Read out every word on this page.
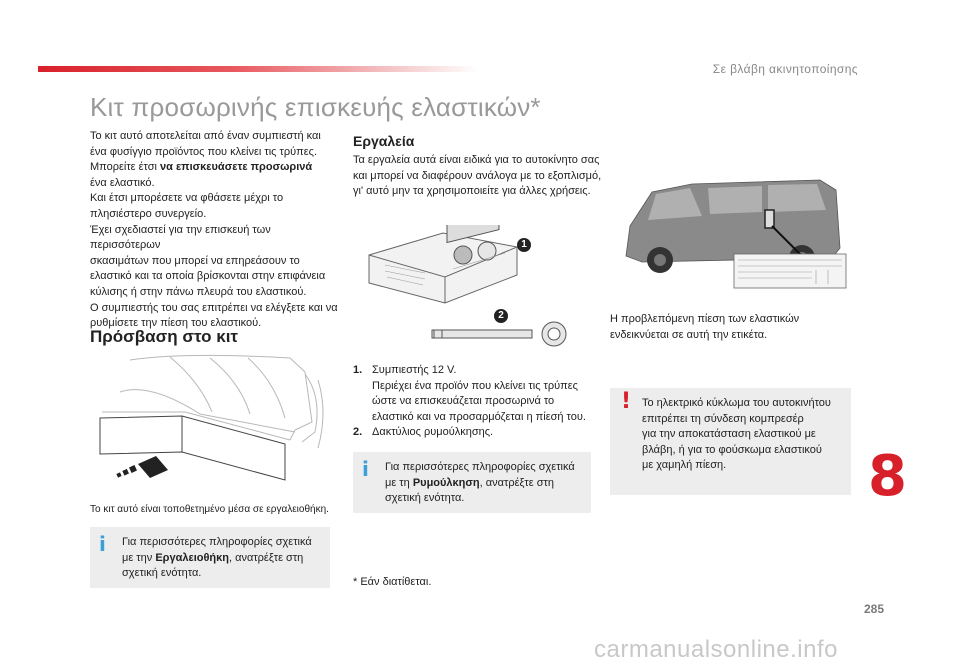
Σε βλάβη ακινητοποίησης
Κιτ προσωρινής επισκευής ελαστικών*

Το κιτ αυτό αποτελείται από έναν συμπιεστή και

ένα φυσίγγιο προϊόντος που κλείνει τις τρύπες.

Μπορείτε έτσι να επισκευάσετε προσωρινά

ένα ελαστικό.

Και έτσι μπορέσετε να φθάσετε μέχρι το

πλησιέστερο συνεργείο.

Έχει σχεδιαστεί για την επισκευή των περισσότερων

σκασιμάτων που μπορεί να επηρεάσουν το

ελαστικό και τα οποία βρίσκονται στην επιφάνεια

κύλισης ή στην πάνω πλευρά του ελαστικού.

Ο συμπιεστής του σας επιτρέπει να ελέγξετε και να

ρυθμίσετε την πίεση του ελαστικού.

Πρόσβαση στο κιτ
Το κιτ αυτό είναι τοποθετημένο μέσα σε εργαλειοθήκη.
i Για περισσότερες πληροφορίες σχετικά
με την Εργαλειοθήκη, ανατρέξτε στη
σχετική ενότητα.
Εργαλεία

Τα εργαλεία αυτά είναι ειδικά για το αυτοκίνητο σας

και μπορεί να διαφέρουν ανάλογα με το εξοπλισμό,

γι' αυτό μην τα χρησιμοποιείτε για άλλες χρήσεις.

1
2
1. Συμπιεστής 12 V.
Περιέχει ένα προϊόν που κλείνει τις τρύπες
ώστε να επισκευάζεται προσωρινά το
ελαστικό και να προσαρμόζεται η πίεσή του.
2. Δακτύλιος ρυμούλκησης.
i Για περισσότερες πληροφορίες σχετικά
με τη Ρυμούλκηση, ανατρέξτε στη
σχετική ενότητα.
* Εάν διατίθεται.

Η προβλεπόμενη πίεση των ελαστικών

ενδεικνύεται σε αυτή την ετικέτα.

! Το ηλεκτρικό κύκλωμα του αυτοκινήτου
επιτρέπει τη σύνδεση κομπρεσέρ
για την αποκατάσταση ελαστικού με
βλάβη, ή για το φούσκωμα ελαστικού
με χαμηλή πίεση.	8
285
carmanualsonline.info
